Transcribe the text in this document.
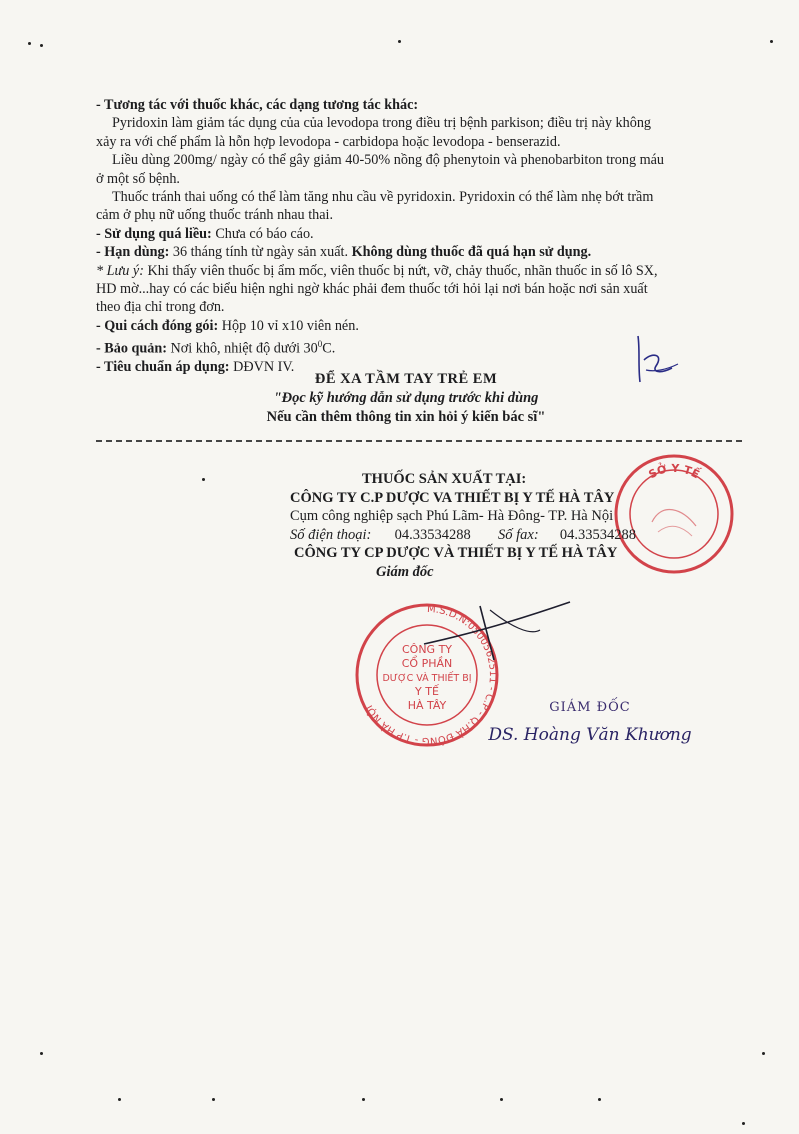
- Tương tác với thuốc khác, các dạng tương tác khác:
Pyridoxin làm giảm tác dụng của của levodopa trong điều trị bệnh parkison; điều trị này không
xảy ra với chế phẩm là hỗn hợp levodopa - carbidopa hoặc levodopa - benserazid.
Liều dùng 200mg/ ngày có thể gây giảm 40-50% nồng độ phenytoin và phenobarbiton trong máu
ở một số bệnh.
Thuốc tránh thai uống có thể làm tăng nhu cầu về pyridoxin. Pyridoxin có thể làm nhẹ bớt trầm
cảm ở phụ nữ uống thuốc tránh nhau thai.
- Sử dụng quá liều: Chưa có báo cáo.
- Hạn dùng: 36 tháng tính từ ngày sản xuất. Không dùng thuốc đã quá hạn sử dụng.
* Lưu ý: Khi thấy viên thuốc bị ẩm mốc, viên thuốc bị nứt, vỡ, chảy thuốc, nhãn thuốc in số lô SX,
HD mờ...hay có các biểu hiện nghi ngờ khác phải đem thuốc tới hỏi lại nơi bán hoặc nơi sản xuất
theo địa chỉ trong đơn.
- Qui cách đóng gói: Hộp 10 vỉ x10 viên nén.
- Bảo quản: Nơi khô, nhiệt độ dưới $30^0C$.
- Tiêu chuẩn áp dụng: DĐVN IV.
ĐỂ XA TẦM TAY TRẺ EM
"Đọc kỹ hướng dẫn sử dụng trước khi dùng
Nếu cần thêm thông tin xin hỏi ý kiến bác sĩ"
SỞ Y TẾ
THUỐC SẢN XUẤT TẠI:
CÔNG TY C.P DƯỢC VA THIẾT BỊ Y TẾ HÀ TÂY
Cụm công nghiệp sạch Phú Lãm- Hà Đông- TP. Hà Nội
Số điện thoại: 04.33534288 Số fax: 04.33534288
CÔNG TY CP DƯỢC VÀ THIẾT BỊ Y TẾ HÀ TÂY
Giám đốc
M.S.D.N:0500562511 - C.P - Q.HÀ ĐÔNG - T.P HÀ NỘI
CÔNG TY
CỔ PHẦN
DƯỢC VÀ THIẾT BỊ
Y TẾ
HÀ TÂY	GIÁM ĐỐC
DS. Hoàng Văn Khương
